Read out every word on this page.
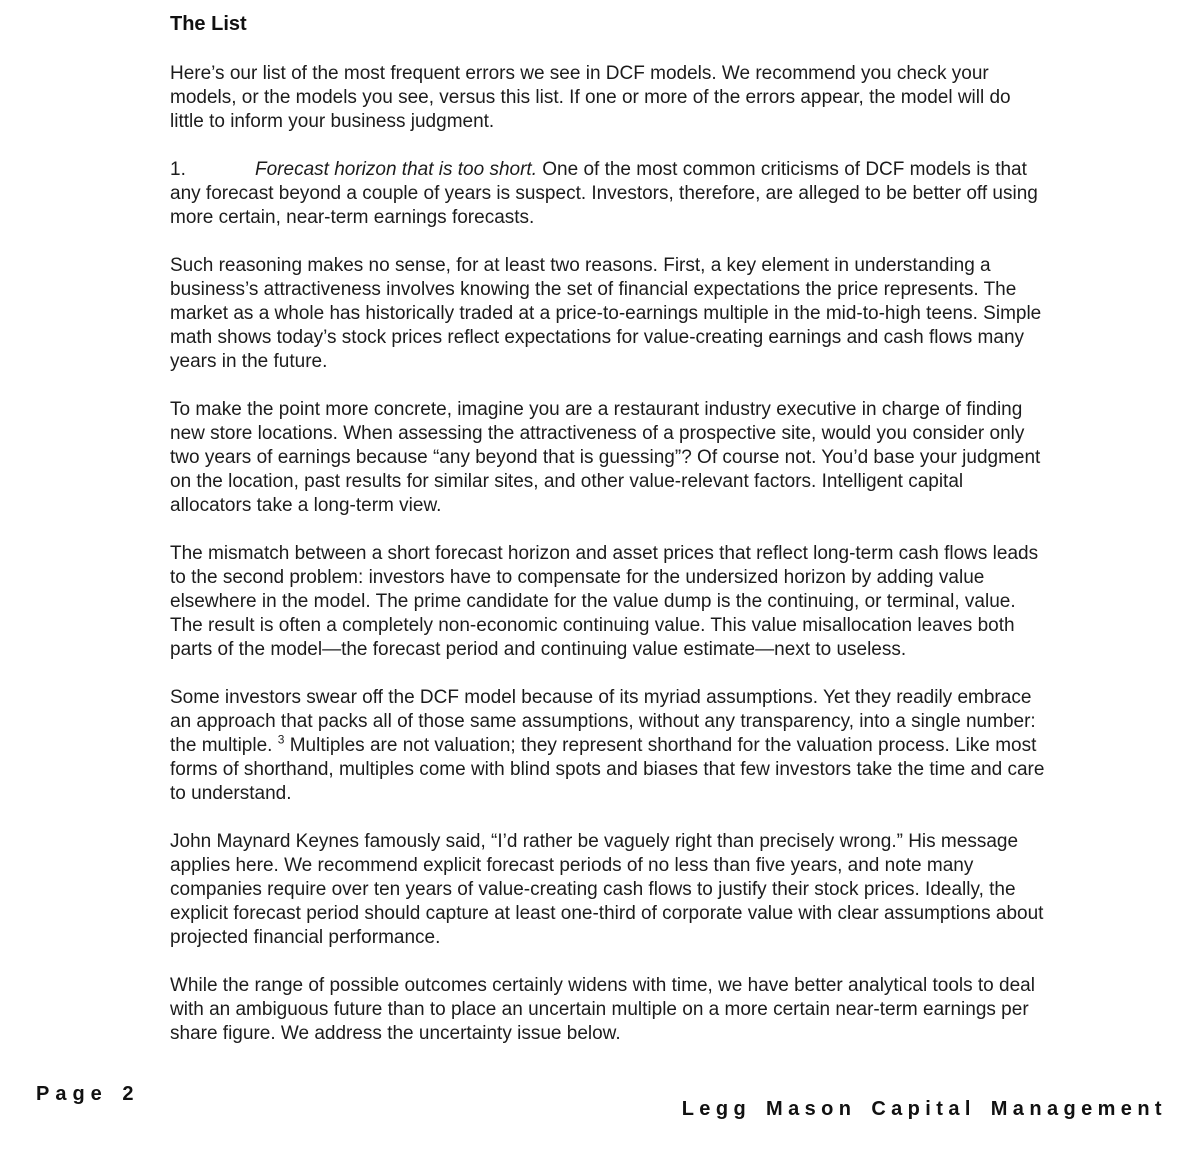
The List

Here’s our list of the most frequent errors we see in DCF models. We recommend you check your models, or the models you see, versus this list. If one or more of the errors appear, the model will do little to inform your business judgment.

1.	Forecast horizon that is too short. One of the most common criticisms of DCF models is that any forecast beyond a couple of years is suspect. Investors, therefore, are alleged to be better off using more certain, near-term earnings forecasts.

Such reasoning makes no sense, for at least two reasons. First, a key element in understanding a business’s attractiveness involves knowing the set of financial expectations the price represents. The market as a whole has historically traded at a price-to-earnings multiple in the mid-to-high teens. Simple math shows today’s stock prices reflect expectations for value-creating earnings and cash flows many years in the future.

To make the point more concrete, imagine you are a restaurant industry executive in charge of finding new store locations. When assessing the attractiveness of a prospective site, would you consider only two years of earnings because “any beyond that is guessing”? Of course not. You’d base your judgment on the location, past results for similar sites, and other value-relevant factors. Intelligent capital allocators take a long-term view.

The mismatch between a short forecast horizon and asset prices that reflect long-term cash flows leads to the second problem: investors have to compensate for the undersized horizon by adding value elsewhere in the model. The prime candidate for the value dump is the continuing, or terminal, value. The result is often a completely non-economic continuing value. This value misallocation leaves both parts of the model—the forecast period and continuing value estimate—next to useless.

Some investors swear off the DCF model because of its myriad assumptions. Yet they readily embrace an approach that packs all of those same assumptions, without any transparency, into a single number: the multiple. $^3$ Multiples are not valuation; they represent shorthand for the valuation process. Like most forms of shorthand, multiples come with blind spots and biases that few investors take the time and care to understand.

John Maynard Keynes famously said, “I’d rather be vaguely right than precisely wrong.” His message applies here. We recommend explicit forecast periods of no less than five years, and note many companies require over ten years of value-creating cash flows to justify their stock prices. Ideally, the explicit forecast period should capture at least one-third of corporate value with clear assumptions about projected financial performance.

While the range of possible outcomes certainly widens with time, we have better analytical tools to deal with an ambiguous future than to place an uncertain multiple on a more certain near-term earnings per share figure. We address the uncertainty issue below.

Page 2
Legg Mason Capital Management
